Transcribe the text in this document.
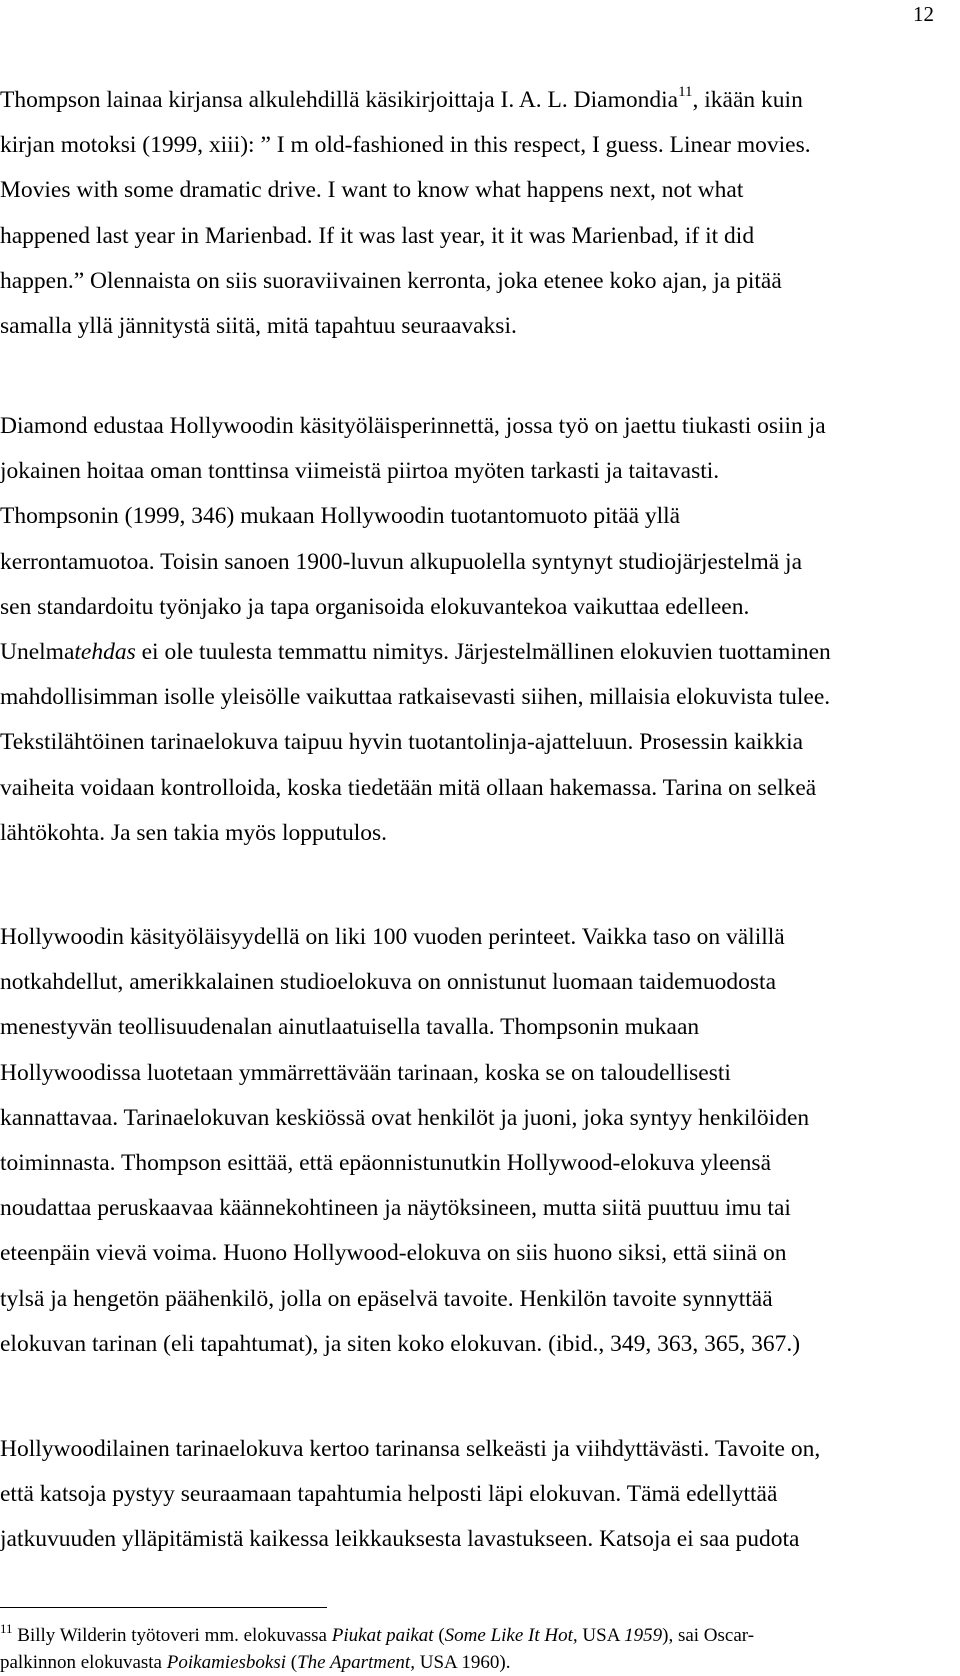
12
Thompson lainaa kirjansa alkulehdillä käsikirjoittaja I. A. L. Diamondia$^{11}$, ikään kuin
kirjan motoksi (1999, xiii): ” I m old-fashioned in this respect, I guess. Linear movies.
Movies with some dramatic drive. I want to know what happens next, not what
happened last year in Marienbad. If it was last year, it it was Marienbad, if it did
happen.” Olennaista on siis suoraviivainen kerronta, joka etenee koko ajan, ja pitää
samalla yllä jännitystä siitä, mitä tapahtuu seuraavaksi.
Diamond edustaa Hollywoodin käsityöläisperinnettä, jossa työ on jaettu tiukasti osiin ja
jokainen hoitaa oman tonttinsa viimeistä piirtoa myöten tarkasti ja taitavasti.
Thompsonin (1999, 346) mukaan Hollywoodin tuotantomuoto pitää yllä
kerrontamuotoa. Toisin sanoen 1900-luvun alkupuolella syntynyt studiojärjestelmä ja
sen standardoitu työnjako ja tapa organisoida elokuvantekoa vaikuttaa edelleen.
Unelmatehdas ei ole tuulesta temmattu nimitys. Järjestelmällinen elokuvien tuottaminen
mahdollisimman isolle yleisölle vaikuttaa ratkaisevasti siihen, millaisia elokuvista tulee.
Tekstilähtöinen tarinaelokuva taipuu hyvin tuotantolinja-ajatteluun. Prosessin kaikkia
vaiheita voidaan kontrolloida, koska tiedetään mitä ollaan hakemassa. Tarina on selkeä
lähtökohta. Ja sen takia myös lopputulos.
Hollywoodin käsityöläisyydellä on liki 100 vuoden perinteet. Vaikka taso on välillä
notkahdellut, amerikkalainen studioelokuva on onnistunut luomaan taidemuodosta
menestyvän teollisuudenalan ainutlaatuisella tavalla. Thompsonin mukaan
Hollywoodissa luotetaan ymmärrettävään tarinaan, koska se on taloudellisesti
kannattavaa. Tarinaelokuvan keskiössä ovat henkilöt ja juoni, joka syntyy henkilöiden
toiminnasta. Thompson esittää, että epäonnistunutkin Hollywood-elokuva yleensä
noudattaa peruskaavaa käännekohtineen ja näytöksineen, mutta siitä puuttuu imu tai
eteenpäin vievä voima. Huono Hollywood-elokuva on siis huono siksi, että siinä on
tylsä ja hengetön päähenkilö, jolla on epäselvä tavoite. Henkilön tavoite synnyttää
elokuvan tarinan (eli tapahtumat), ja siten koko elokuvan. (ibid., 349, 363, 365, 367.)
Hollywoodilainen tarinaelokuva kertoo tarinansa selkeästi ja viihdyttävästi. Tavoite on,
että katsoja pystyy seuraamaan tapahtumia helposti läpi elokuvan. Tämä edellyttää
jatkuvuuden ylläpitämistä kaikessa leikkauksesta lavastukseen. Katsoja ei saa pudota
$^{11}$ Billy Wilderin työtoveri mm. elokuvassa Piukat paikat (Some Like It Hot, USA 1959), sai Oscar-
palkinnon elokuvasta Poikamiesboksi (The Apartment, USA 1960).
